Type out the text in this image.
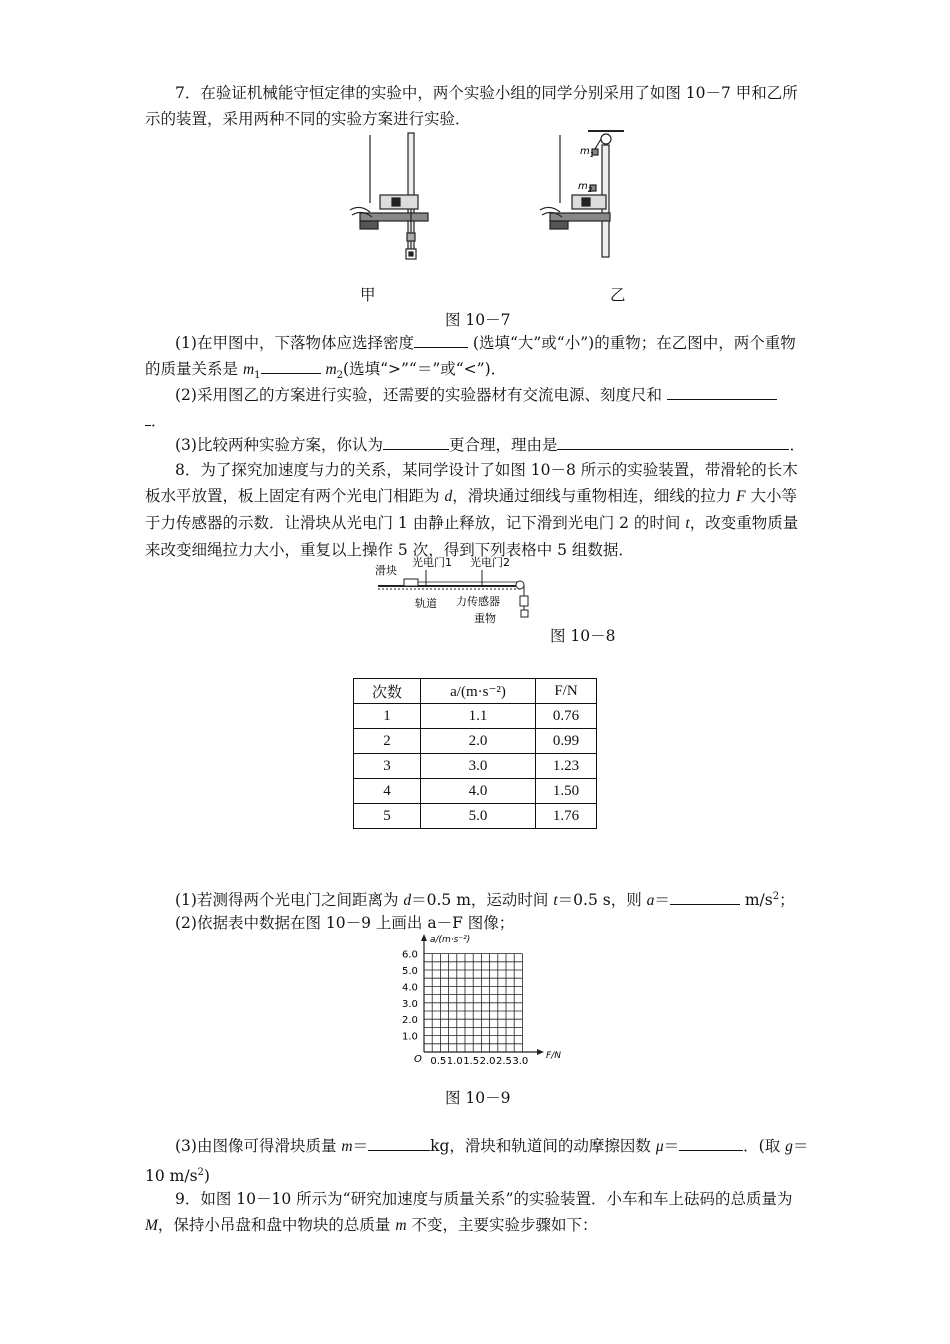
7．在验证机械能守恒定律的实验中，两个实验小组的同学分别采用了如图 10－7 甲和乙所示的装置，采用两种不同的实验方案进行实验．

$m_1$
$m_2$
甲	乙
图 10－7

(1)在甲图中，下落物体应选择密度	(选填“大”或“小”)的重物；在乙图中，两个重物的质量关系是 $m_1$	$m_2$(选填“>”“＝”或“<”)．

(2)采用图乙的方案进行实验，还需要的实验器材有交流电源、刻度尺和
．

(3)比较两种实验方案，你认为	更合理，理由是	．

8．为了探究加速度与力的关系，某同学设计了如图 10－8 所示的实验装置，带滑轮的长木板水平放置，板上固定有两个光电门相距为 d，滑块通过细线与重物相连，细线的拉力 F 大小等于力传感器的示数．让滑块从光电门 1 由静止释放，记下滑到光电门 2 的时间 t，改变重物质量来改变细绳拉力大小，重复以上操作 5 次，得到下列表格中 5 组数据．

滑块
光电门1 光电门2
轨道 力传感器
重物
图 10－8
次数	a/(m·s⁻²)	F/N
1	1.1	0.76
2	2.0	0.99
3	3.0	1.23
4	4.0	1.50
5	5.0	1.76

(1)若测得两个光电门之间距离为 d＝0.5 m，运动时间 t＝0.5 s，则 a＝	$m/s^2$；

(2)依据表中数据在图 10－9 上画出 a－F 图像；

a/(m·s⁻²)
F/N
O
6.0
5.0
4.0
3.0
2.0
1.0
0.5 1.0 1.5 2.0 2.5 3.0
图 10－9

(3)由图像可得滑块质量 m＝	kg，滑块和轨道间的动摩擦因数 μ＝	．(取 g＝10 $m/s^2$)

9．如图 10－10 所示为“研究加速度与质量关系”的实验装置．小车和车上砝码的总质量为 M，保持小吊盘和盘中物块的总质量 m 不变，主要实验步骤如下：
